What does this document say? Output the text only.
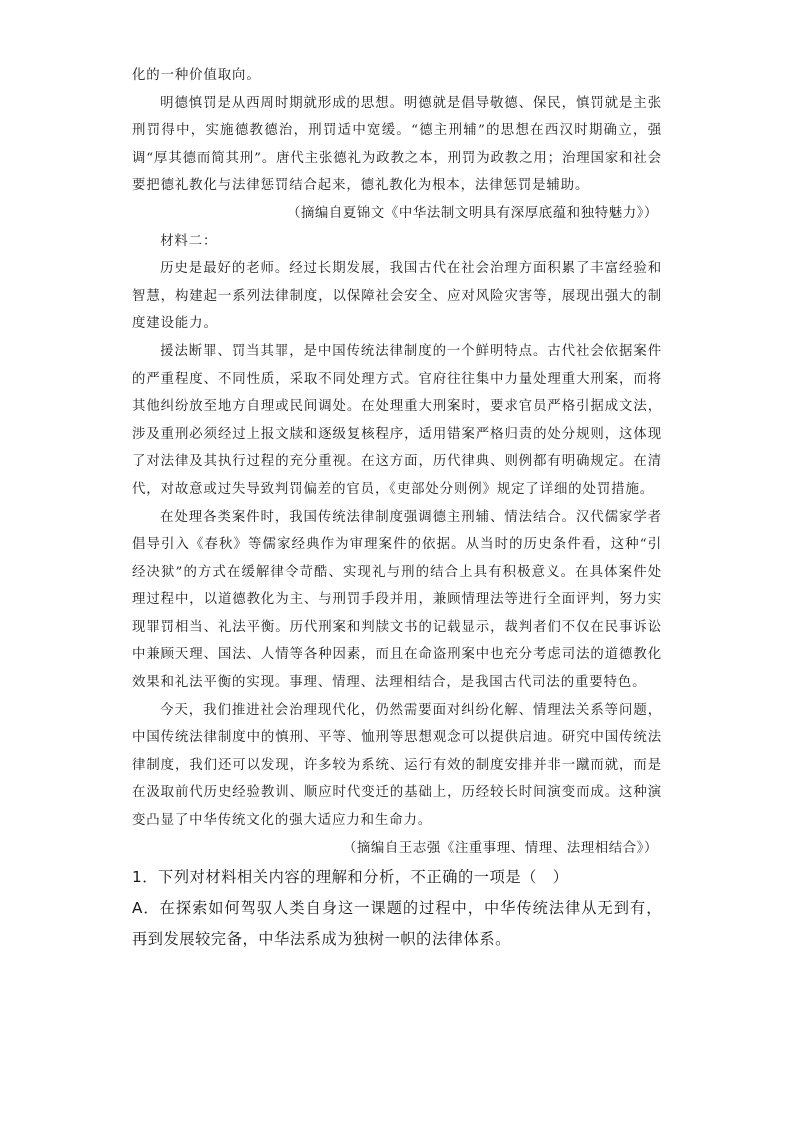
化的一种价值取向。

明德慎罚是从西周时期就形成的思想。明德就是倡导敬德、保民，慎罚就是主张刑罚得中，实施德教德治，刑罚适中宽缓。“德主刑辅”的思想在西汉时期确立，强调“厚其德而简其刑”。唐代主张德礼为政教之本，刑罚为政教之用；治理国家和社会要把德礼教化与法律惩罚结合起来，德礼教化为根本，法律惩罚是辅助。

（摘编自夏锦文《中华法制文明具有深厚底蕴和独特魅力》）

材料二：

历史是最好的老师。经过长期发展，我国古代在社会治理方面积累了丰富经验和智慧，构建起一系列法律制度，以保障社会安全、应对风险灾害等，展现出强大的制度建设能力。

援法断罪、罚当其罪，是中国传统法律制度的一个鲜明特点。古代社会依据案件的严重程度、不同性质，采取不同处理方式。官府往往集中力量处理重大刑案，而将其他纠纷放至地方自理或民间调处。在处理重大刑案时，要求官员严格引据成文法，涉及重刑必须经过上报文牍和逐级复核程序，适用错案严格归责的处分规则，这体现了对法律及其执行过程的充分重视。在这方面，历代律典、则例都有明确规定。在清代，对故意或过失导致判罚偏差的官员，《吏部处分则例》规定了详细的处罚措施。

在处理各类案件时，我国传统法律制度强调德主刑辅、情法结合。汉代儒家学者倡导引入《春秋》等儒家经典作为审理案件的依据。从当时的历史条件看，这种“引经决狱”的方式在缓解律令苛酷、实现礼与刑的结合上具有积极意义。在具体案件处理过程中，以道德教化为主、与刑罚手段并用，兼顾情理法等进行全面评判，努力实现罪罚相当、礼法平衡。历代刑案和判牍文书的记载显示，裁判者们不仅在民事诉讼中兼顾天理、国法、人情等各种因素，而且在命盗刑案中也充分考虑司法的道德教化效果和礼法平衡的实现。事理、情理、法理相结合，是我国古代司法的重要特色。

今天，我们推进社会治理现代化，仍然需要面对纠纷化解、情理法关系等问题，中国传统法律制度中的慎刑、平等、恤刑等思想观念可以提供启迪。研究中国传统法律制度，我们还可以发现，许多较为系统、运行有效的制度安排并非一蹴而就，而是在汲取前代历史经验教训、顺应时代变迁的基础上，历经较长时间演变而成。这种演变凸显了中华传统文化的强大适应力和生命力。

（摘编自王志强《注重事理、情理、法理相结合》）

1．下列对材料相关内容的理解和分析，不正确的一项是（　）

A．在探索如何驾驭人类自身这一课题的过程中，中华传统法律从无到有，再到发展较完备，中华法系成为独树一帜的法律体系。
